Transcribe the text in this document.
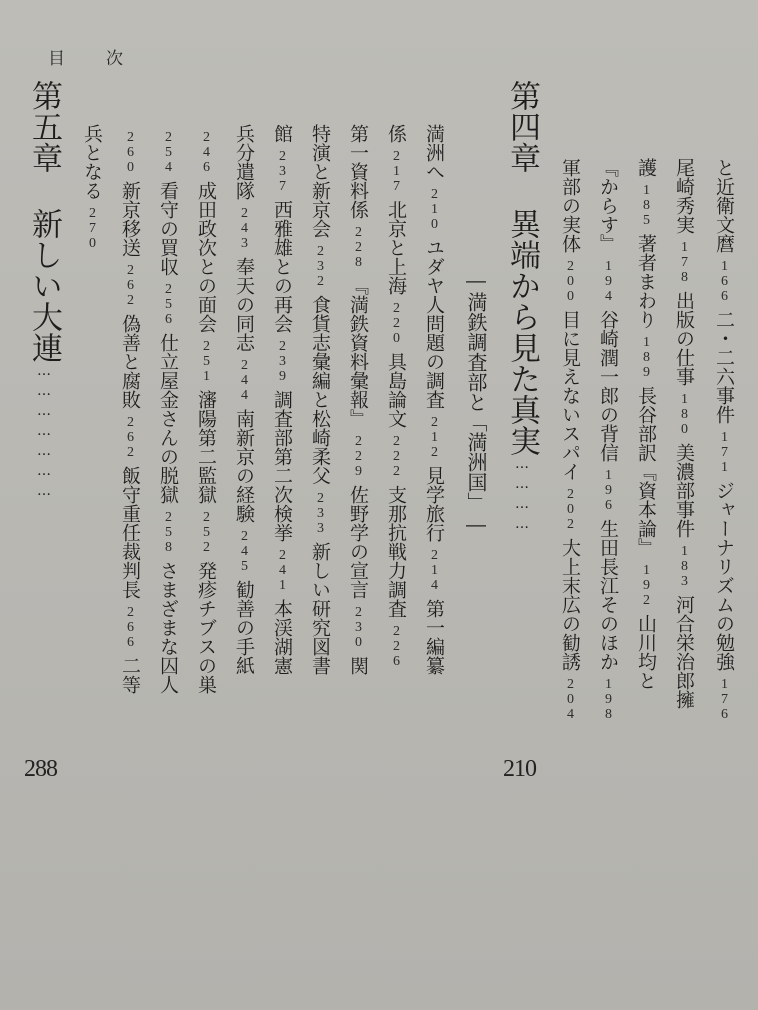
目 次
と近衛文麿166二・二六事件171ジャーナリズムの勉強176
尾崎秀実178出版の仕事180美濃部事件183河合栄治郎擁
護185著者まわり189長谷部訳『資本論』192山川均と
『からす』194谷崎潤一郎の背信196生田長江そのほか198
軍部の実体200目に見えないスパイ202大上末広の勧誘204
第四章　異端から見た真実…………
210
―満鉄調査部と「満洲国」―
満洲へ210ユダヤ人問題の調査212見学旅行214第一編纂
係217北京と上海220具島論文222支那抗戦力調査226
第一資料係228『満鉄資料彙報』229佐野学の宣言230関
特演と新京会232食貨志彙編と松崎柔父233新しい研究図書
館237西雅雄との再会239調査部第二次検挙241本渓湖憲
兵分遣隊243奉天の同志244南新京の経験245勧善の手紙
246成田政次との面会251瀋陽第二監獄252発疹チブスの巣
254看守の買収256仕立屋金さんの脱獄258さまざまな囚人
260新京移送262偽善と腐敗262飯守重任裁判長266二等
兵となる270
第五章　新しい大連…………………
288
